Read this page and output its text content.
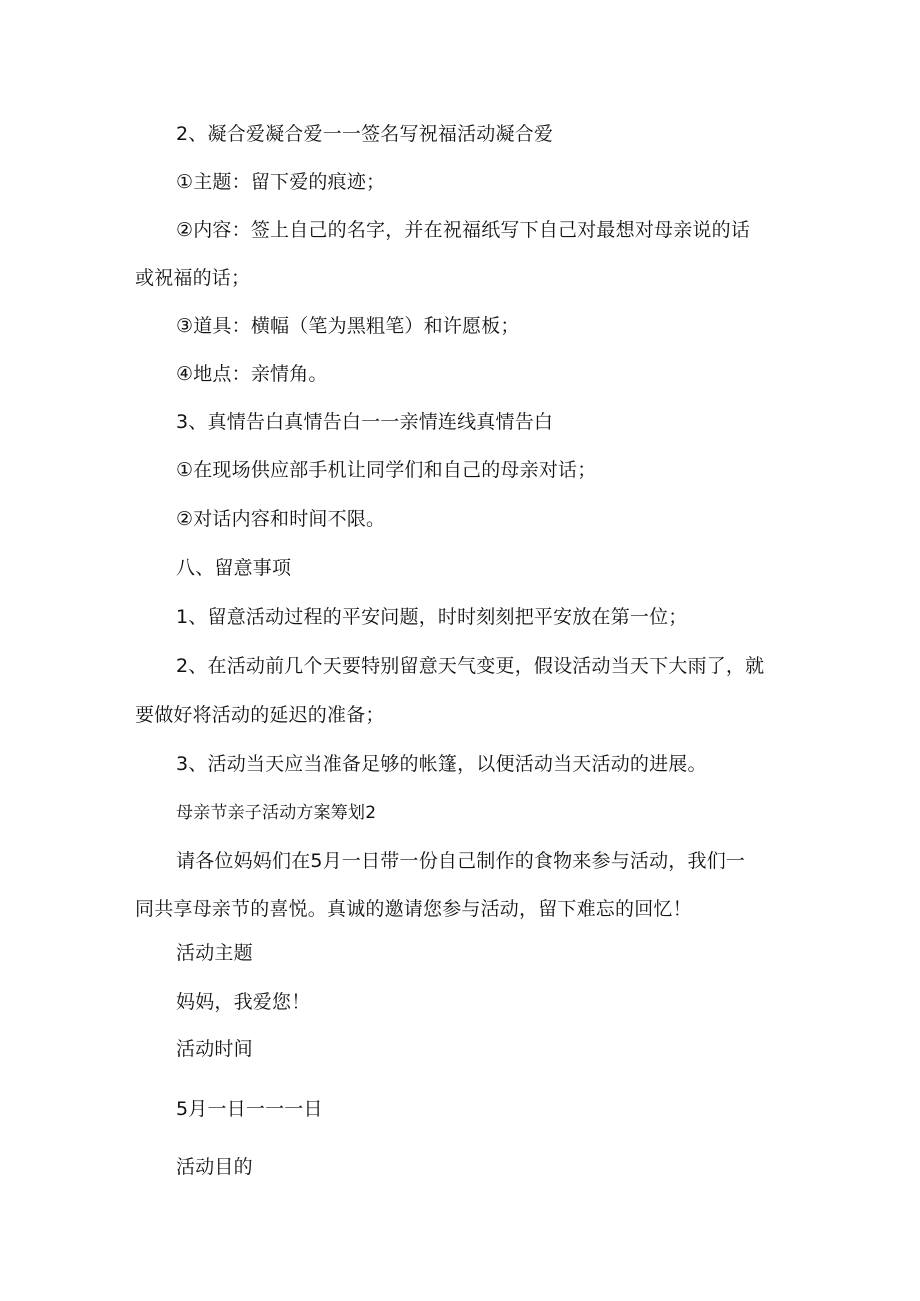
2、凝合爱凝合爱一一签名写祝福活动凝合爱
①主题：留下爱的痕迹；
②内容：签上自己的名字，并在祝福纸写下自己对最想对母亲说的话
或祝福的话；
③道具：横幅（笔为黑粗笔）和许愿板；
④地点：亲情角。
3、真情告白真情告白一一亲情连线真情告白
①在现场供应部手机让同学们和自己的母亲对话；
②对话内容和时间不限。
八、留意事项
1、留意活动过程的平安问题，时时刻刻把平安放在第一位；
2、在活动前几个天要特别留意天气变更，假设活动当天下大雨了，就
要做好将活动的延迟的准备；
3、活动当天应当准备足够的帐篷，以便活动当天活动的进展。
母亲节亲子活动方案筹划2
请各位妈妈们在5月一日带一份自己制作的食物来参与活动，我们一
同共享母亲节的喜悦。真诚的邀请您参与活动，留下难忘的回忆！
活动主题
妈妈，我爱您！
活动时间
5月一日一一一日
活动目的
